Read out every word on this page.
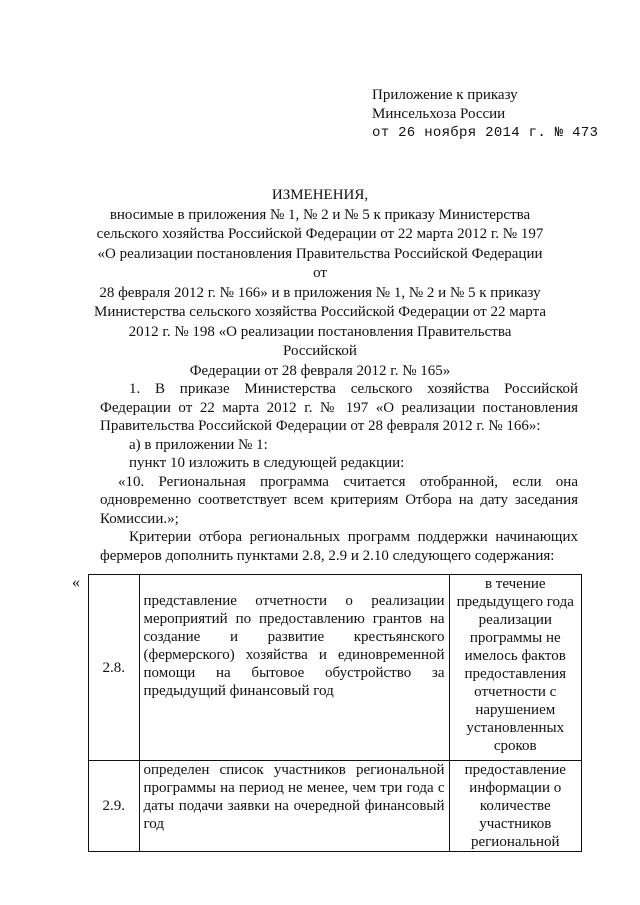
Приложение к приказу
Минсельхоза России
от 26 ноября 2014 г. № 473
ИЗМЕНЕНИЯ,
вносимые в приложения № 1, № 2 и № 5 к приказу Министерства
сельского хозяйства Российской Федерации от 22 марта 2012 г. № 197
«О реализации постановления Правительства Российской Федерации от
28 февраля 2012 г. № 166» и в приложения № 1, № 2 и № 5 к приказу
Министерства сельского хозяйства Российской Федерации от 22 марта
2012 г. № 198 «О реализации постановления Правительства Российской
Федерации от 28 февраля 2012 г. № 165»

1. В приказе Министерства сельского хозяйства Российской Федерации от 22 марта 2012 г. № 197 «О реализации постановления Правительства Российской Федерации от 28 февраля 2012 г. № 166»:

а) в приложении № 1:

пункт 10 изложить в следующей редакции:

«10. Региональная программа считается отобранной, если она одновременно соответствует всем критериям Отбора на дату заседания Комиссии.»;

Критерии отбора региональных программ поддержки начинающих фермеров дополнить пунктами 2.8, 2.9 и 2.10 следующего содержания:

«
2.8.	представление отчетности о реализации мероприятий по предоставлению грантов на создание и развитие крестьянского (фермерского) хозяйства и единовременной помощи на бытовое обустройство за предыдущий финансовый год	в течение предыдущего года реализации программы не имелось фактов предоставления отчетности с нарушением установленных сроков
2.9.	определен список участников региональной программы на период не менее, чем три года с даты подачи заявки на очередной финансовый год	предоставление информации о количестве участников региональной
